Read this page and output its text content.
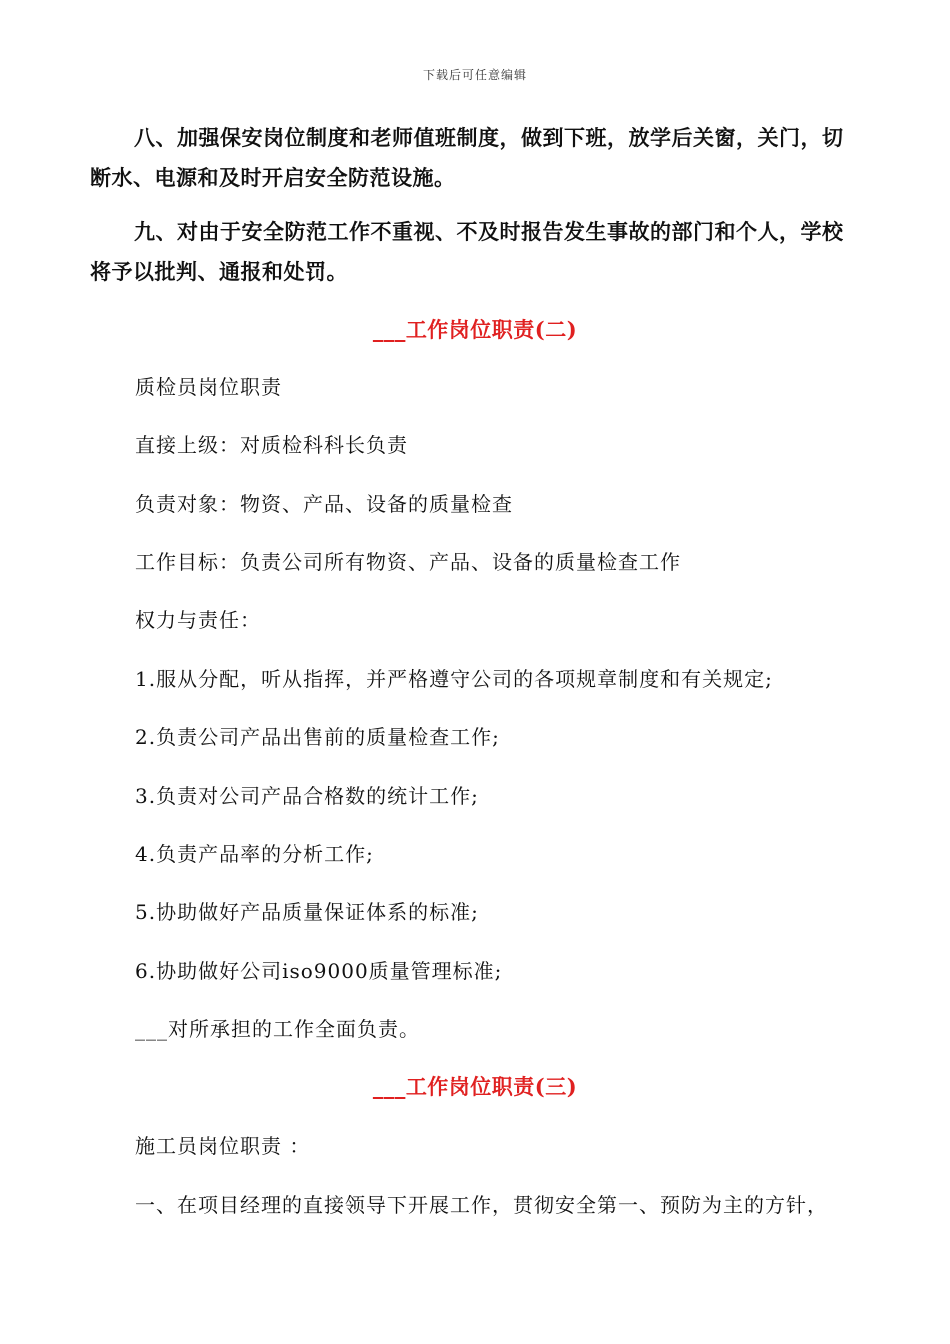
下载后可任意编辑
八、加强保安岗位制度和老师值班制度，做到下班，放学后关窗，关门，切断水、电源和及时开启安全防范设施。
九、对由于安全防范工作不重视、不及时报告发生事故的部门和个人，学校将予以批判、通报和处罚。
___工作岗位职责(二)
质检员岗位职责
直接上级：对质检科科长负责
负责对象：物资、产品、设备的质量检查
工作目标：负责公司所有物资、产品、设备的质量检查工作
权力与责任：
1.服从分配，听从指挥，并严格遵守公司的各项规章制度和有关规定;
2.负责公司产品出售前的质量检查工作;
3.负责对公司产品合格数的统计工作;
4.负责产品率的分析工作;
5.协助做好产品质量保证体系的标准;
6.协助做好公司iso9000质量管理标准;
___对所承担的工作全面负责。
___工作岗位职责(三)
施工员岗位职责 ：
一、在项目经理的直接领导下开展工作，贯彻安全第一、预防为主的方针，
